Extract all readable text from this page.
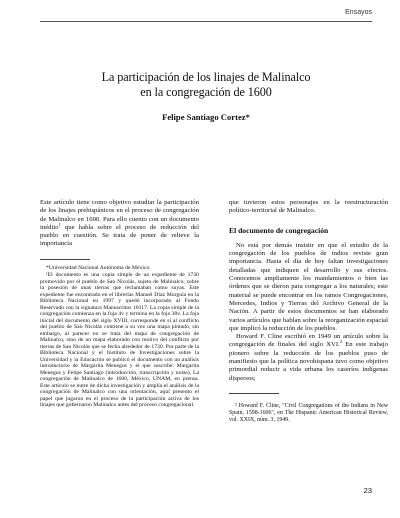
Ensayos
La participación de los linajes de Malinalco
en la congregación de 1600
Felipe Santiago Cortez*

Este artículo tiene como objetivo estudiar la participación de los linajes prehispánicos en el proceso de congregación de Malinalco en 1600. Para ello cuento con un documento inédito$^1$ que habla sobre el proceso de reducción del pueblo en cuestión. Se trata de poner de relieve la importancia

*Universidad Nacional Autónoma de México.

¹El documento es una copia simple de un expediente de 1730 promovido por el pueblo de San Nicolás, sujeto de Malinalco, sobre la posesión de unas tierras que reclamaban como suyas. Este expediente fue encontrado en el librerías Manuel Díaz Murguía en la Biblioteca Nacional en 1997 y quedó incorporado al Fondo Reservado con la signatura Manuscritos 10117. La copia simple de la congregación comienza en la foja 4v y termina en la foja 38v. La foja inicial del documento del siglo XVIII, corresponde en sí al conflicto del pueblo de San Nicolás contiene a su vez una mapa pintado, sin embargo, al parecer no se trata del mapa de congregación de Malinalco, sino de un mapa elaborado con motivo del conflicto por tierras de San Nicolás que se fecha alrededor de 1730. Por parte de la Biblioteca Nacional y el Instituto de Investigaciones sobre la Universidad y la Educación se publicó el documento con un análisis introductorio de Margarita Menegus y el que suscribe: Margarita Menegus y Felipe Santiago (introducción, transcripción y notas), La congregación de Malinalco de 1600, México, UNAM, en prensa. Este artículo se nutre de dicha investigación y amplía el análisis de la congregación de Malinalco con una orientación, aquí presento el papel que jugaron en el proceso de la participación activa de los linajes que gobernaron Malinalco antes del proceso congregacional.

que tuvieron estos personajes en la reestructuración político-territorial de Malinalco.

El documento de congregación

No está por demás insistir en que el estudio de la congregación de los pueblos de indios reviste gran importancia. Hasta el día de hoy faltan investigaciones detalladas que indiquen el desarrollo y sus efectos. Conocemos ampliamente los mandamientos o bien las órdenes que se dieron para congregar a los naturales; este material se puede encontrar en los ramos Congregaciones, Mercedes, Indios y Tierras del Archivo General de la Nación. A partir de estos documentos se han elaborado varios artículos que hablan sobre la reorganización espacial que implicó la reducción de los pueblos.

Howard F. Cline escribió en 1949 un artículo sobre la congregación de finales del siglo XVI.$^2$ En este trabajo pionero sobre la reducción de los pueblos puso de manifiesto que la política novohispana tuvo como objetivo primordial reducir a vida urbana los caseríos indígenas dispersos;

² Howard F. Cline, "Civil Congregations of the Indians in New Spain, 1598-1606", en The Hispanic American Historical Review, vol. XXIX, núm. 3, 1949.

23
